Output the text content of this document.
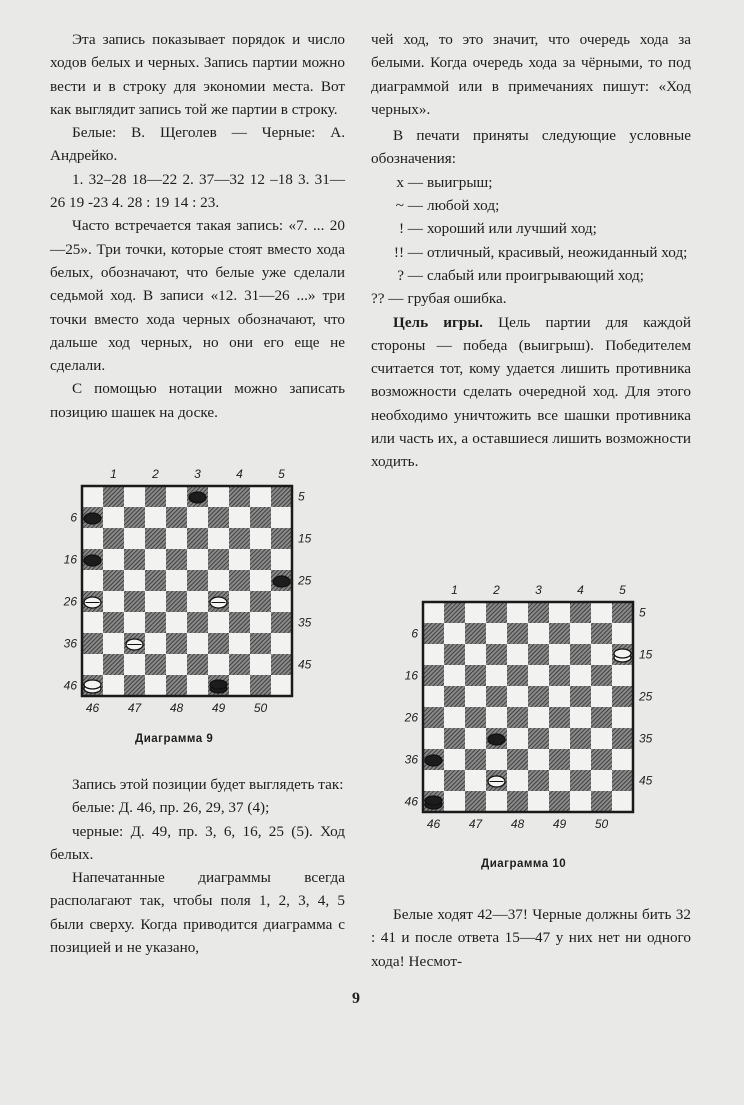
Эта запись показывает порядок и число ходов белых и черных. Запись партии можно вести и в строку для экономии места. Вот как выглядит запись той же партии в строку.

Белые: В. Щеголев — Черные: А. Андрейко.

1. 32–28 18—22 2. 37—32 12 –18 3. 31—26 19 -23 4. 28 : 19 14 : 23.

Часто встречается такая запись: «7. ... 20—25». Три точки, которые стоят вместо хода белых, обозначают, что белые уже сделали седьмой ход. В записи «12. 31—26 ...» три точки вместо хода черных обозначают, что дальше ход черных, но они его еще не сделали.

С помощью нотации можно записать позицию шашек на доске.

1	2	3	4	5
46 47 48 49 50
6
16
26
36
46
5
15
25
35
45
Диаграмма 9

Запись этой позиции будет выглядеть так:

белые: Д. 46, пр. 26, 29, 37 (4);

черные: Д. 49, пр. 3, 6, 16, 25 (5). Ход белых.

Напечатанные диаграммы всегда располагают так, чтобы поля 1, 2, 3, 4, 5 были сверху. Когда приводится диаграмма с позицией и не указано,

чей ход, то это значит, что очередь хода за белыми. Когда очередь хода за чёрными, то под диаграммой или в примечаниях пишут: «Ход черных».

В печати приняты следующие условные обозначения:

x — выигрыш;
~ — любой ход;
! — хороший или лучший ход;
!! — отличный, красивый, неожиданный ход;
? — слабый или проигрывающий ход;
?? — грубая ошибка.

Цель игры. Цель партии для каждой стороны — победа (выигрыш). Победителем считается тот, кому удается лишить противника возможности сделать очередной ход. Для этого необходимо уничтожить все шашки противника или часть их, а оставшиеся лишить возможности ходить.

1	2	3	4	5
46 47 48 49 50
6
16
26
36
46
5
15
25
35
45
Диаграмма 10

Белые ходят 42—37! Черные должны бить 32 : 41 и после ответа 15—47 у них нет ни одного хода! Несмот-

9
